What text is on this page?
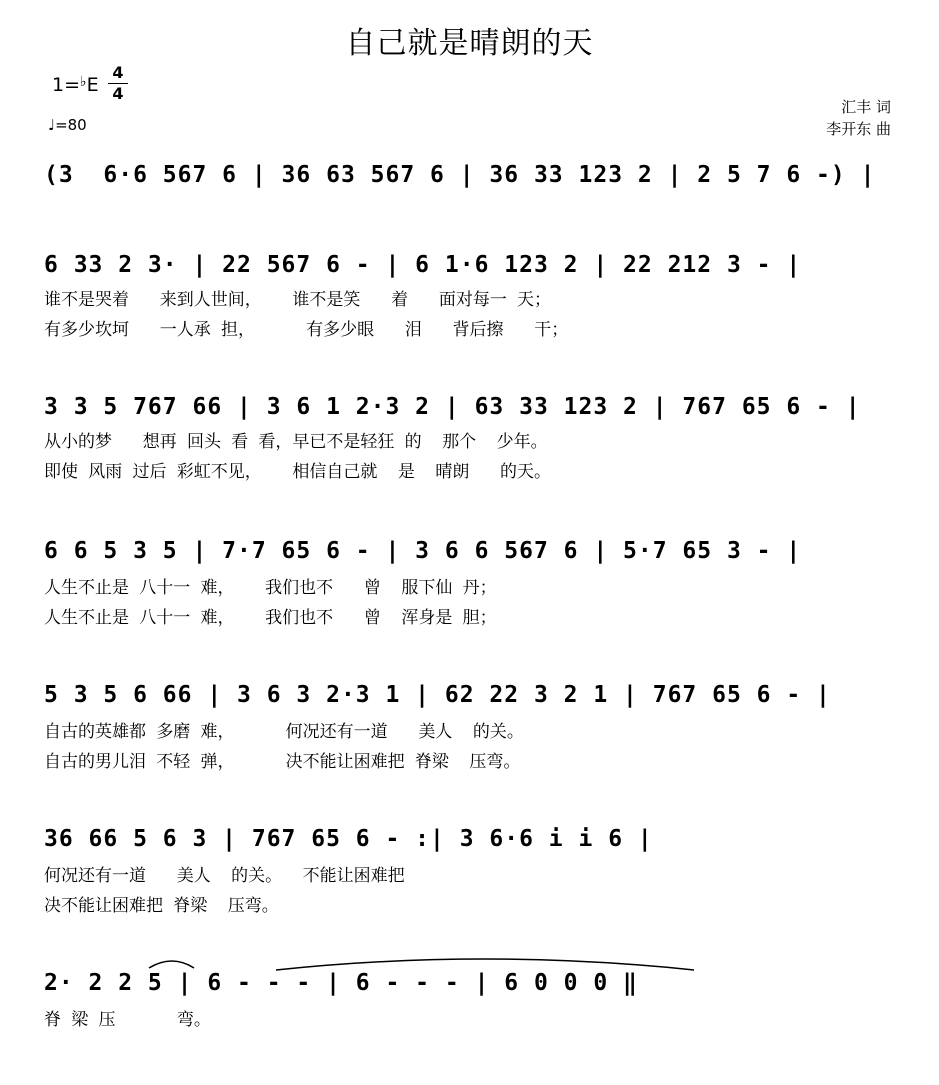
自己就是晴朗的天
1=♭E
4
4
♩=80
汇丰 词
李开东 曲
(3  6·6 567 6 | 36 63 567 6 | 36 33 123 2 | 2 5 7 6 -) |
6 33 2 3· | 22 567 6 - | 6 1·6 123 2 | 22 212 3 - |
谁不是哭着   来到人世间，   谁不是笑   着   面对每一 天；
有多少坎坷   一人承 担，     有多少眼   泪   背后擦   干；
3 3 5 767 66 | 3 6 1 2·3 2 | 63 33 123 2 | 767 65 6 - |
从小的梦   想再 回头 看 看，早已不是轻狂 的  那个  少年。
即使 风雨 过后 彩虹不见，   相信自己就  是  晴朗   的天。
6 6 5 3 5 | 7·7 65 6 - | 3 6 6 567 6 | 5·7 65 3 - |
人生不止是 八十一 难，   我们也不   曾  服下仙 丹；
人生不止是 八十一 难，   我们也不   曾  浑身是 胆；
5 3 5 6 66 | 3 6 3 2·3 1 | 62 22 3 2 1 | 767 65 6 - |
自古的英雄都 多磨 难，     何况还有一道   美人  的关。
自古的男儿泪 不轻 弹，     决不能让困难把 脊梁  压弯。
36 66 5 6 3 | 767 65 6 - :| 3 6·6 i i 6 |
何况还有一道   美人  的关。  不能让困难把
决不能让困难把 脊梁  压弯。
2· 2 2 5 | 6 - - - | 6 - - - | 6 0 0 0 ‖
脊 梁 压      弯。
